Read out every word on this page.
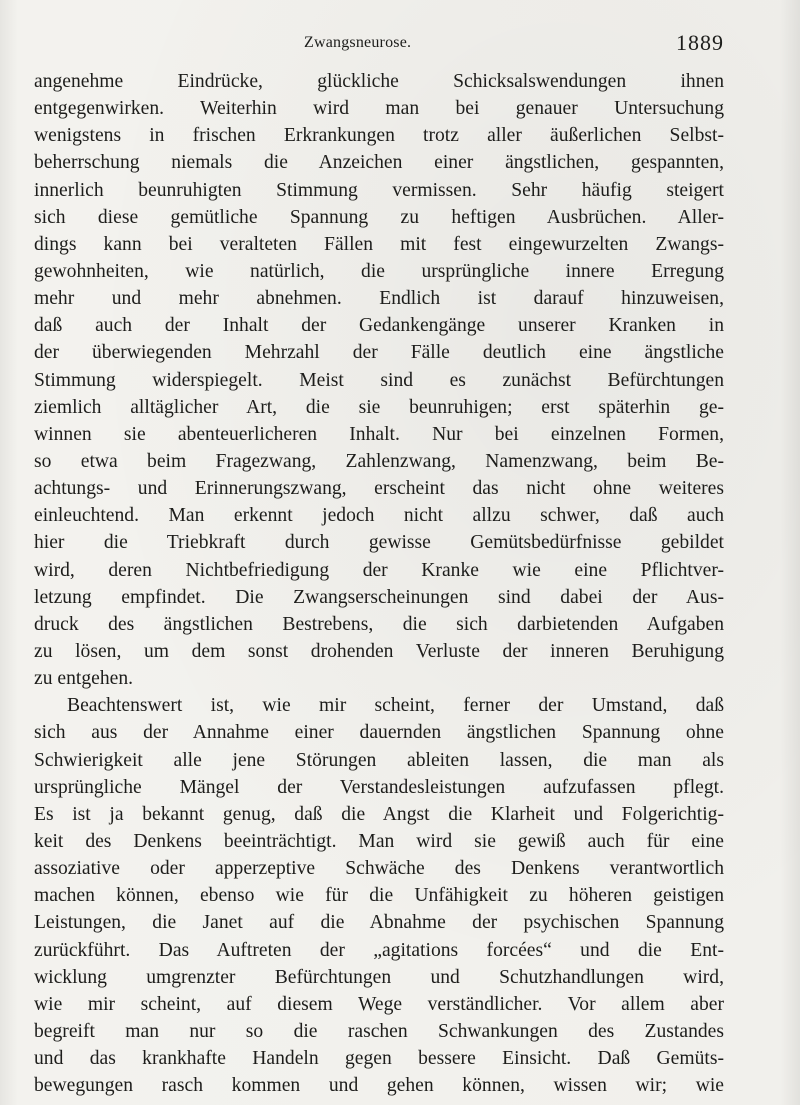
Zwangsneurose.	1889
angenehme Eindrücke, glückliche Schicksalswendungen ihnen
entgegenwirken. Weiterhin wird man bei genauer Untersuchung
wenigstens in frischen Erkrankungen trotz aller äußerlichen Selbst-
beherrschung niemals die Anzeichen einer ängstlichen, gespannten,
innerlich beunruhigten Stimmung vermissen. Sehr häufig steigert
sich diese gemütliche Spannung zu heftigen Ausbrüchen. Aller-
dings kann bei veralteten Fällen mit fest eingewurzelten Zwangs-
gewohnheiten, wie natürlich, die ursprüngliche innere Erregung
mehr und mehr abnehmen. Endlich ist darauf hinzuweisen,
daß auch der Inhalt der Gedankengänge unserer Kranken in
der überwiegenden Mehrzahl der Fälle deutlich eine ängstliche
Stimmung widerspiegelt. Meist sind es zunächst Befürchtungen
ziemlich alltäglicher Art, die sie beunruhigen; erst späterhin ge-
winnen sie abenteuerlicheren Inhalt. Nur bei einzelnen Formen,
so etwa beim Fragezwang, Zahlenzwang, Namenzwang, beim Be-
achtungs- und Erinnerungszwang, erscheint das nicht ohne weiteres
einleuchtend. Man erkennt jedoch nicht allzu schwer, daß auch
hier die Triebkraft durch gewisse Gemütsbedürfnisse gebildet
wird, deren Nichtbefriedigung der Kranke wie eine Pflichtver-
letzung empfindet. Die Zwangserscheinungen sind dabei der Aus-
druck des ängstlichen Bestrebens, die sich darbietenden Aufgaben
zu lösen, um dem sonst drohenden Verluste der inneren Beruhigung
zu entgehen.
Beachtenswert ist, wie mir scheint, ferner der Umstand, daß
sich aus der Annahme einer dauernden ängstlichen Spannung ohne
Schwierigkeit alle jene Störungen ableiten lassen, die man als
ursprüngliche Mängel der Verstandesleistungen aufzufassen pflegt.
Es ist ja bekannt genug, daß die Angst die Klarheit und Folgerichtig-
keit des Denkens beeinträchtigt. Man wird sie gewiß auch für eine
assoziative oder apperzeptive Schwäche des Denkens verantwortlich
machen können, ebenso wie für die Unfähigkeit zu höheren geistigen
Leistungen, die Janet auf die Abnahme der psychischen Spannung
zurückführt. Das Auftreten der „agitations forcées“ und die Ent-
wicklung umgrenzter Befürchtungen und Schutzhandlungen wird,
wie mir scheint, auf diesem Wege verständlicher. Vor allem aber
begreift man nur so die raschen Schwankungen des Zustandes
und das krankhafte Handeln gegen bessere Einsicht. Daß Gemüts-
bewegungen rasch kommen und gehen können, wissen wir; wie
